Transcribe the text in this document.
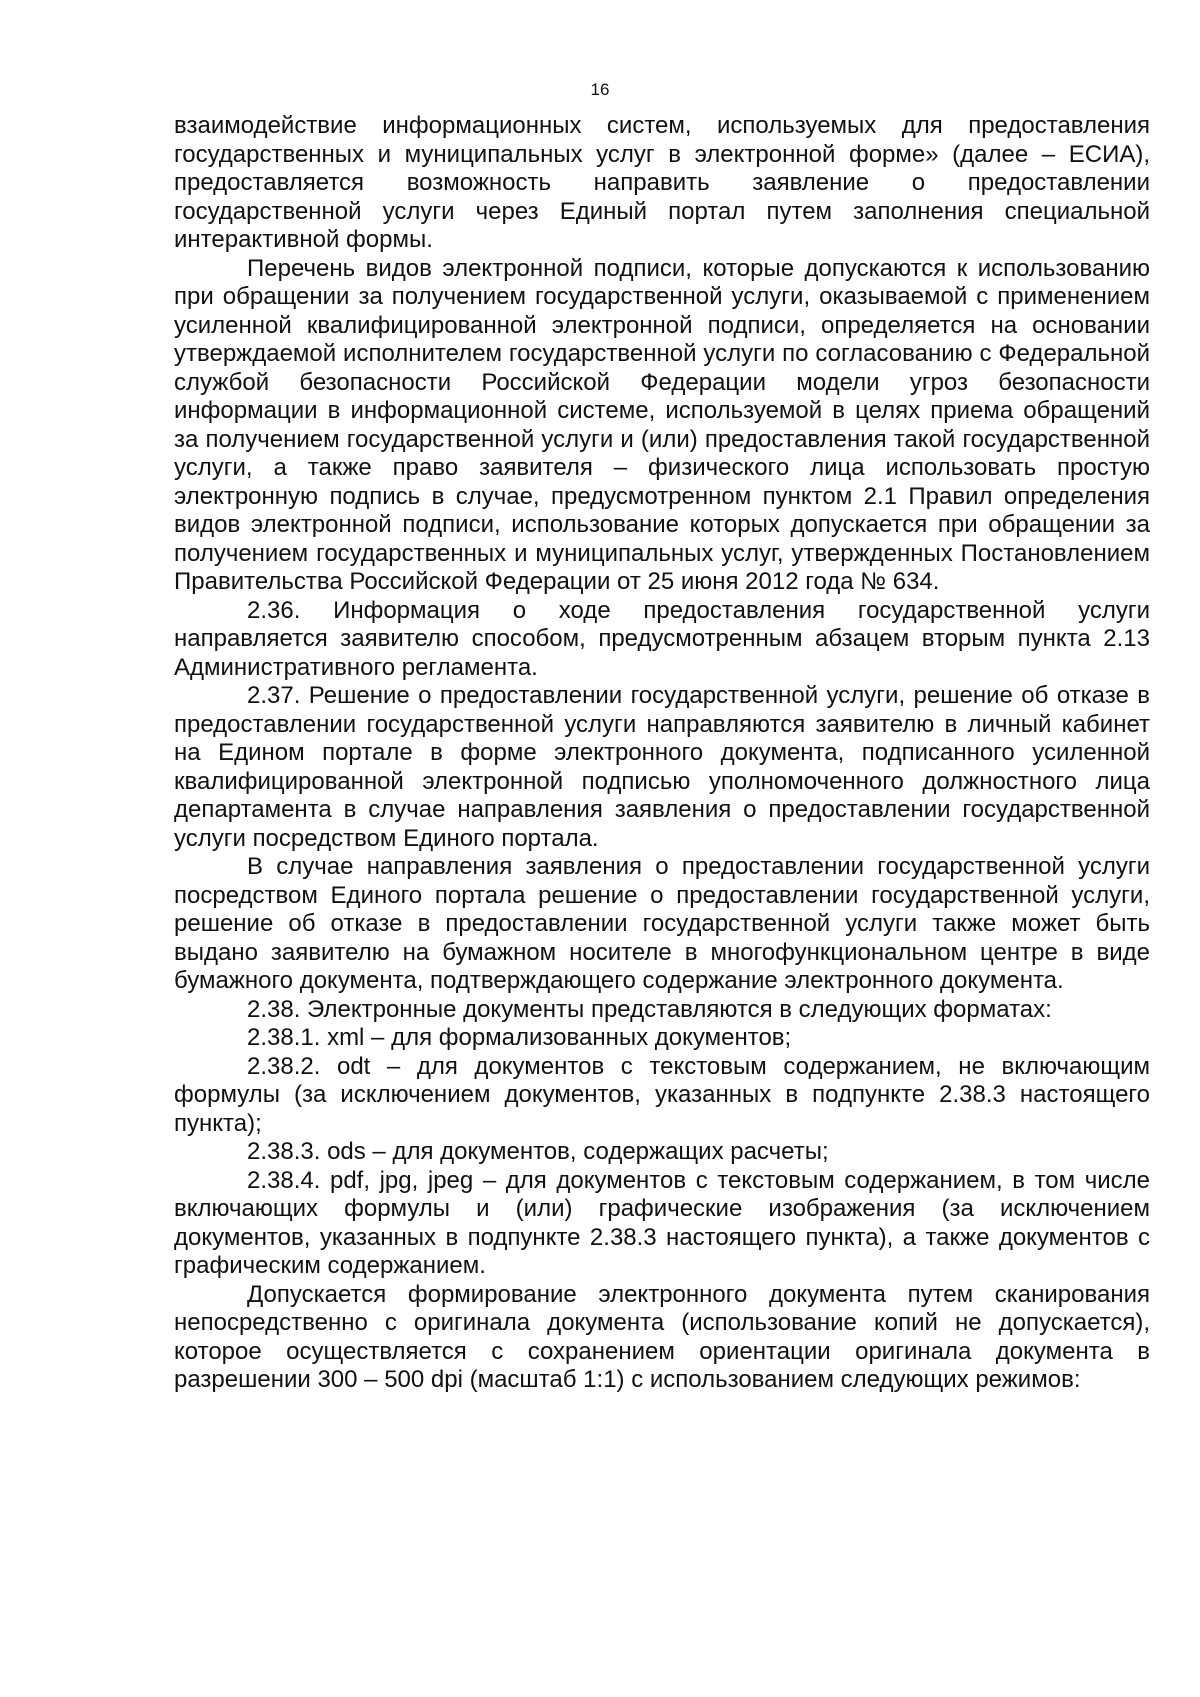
16

взаимодействие информационных систем, используемых для предоставления государственных и муниципальных услуг в электронной форме» (далее – ЕСИА), предоставляется возможность направить заявление о предоставлении государственной услуги через Единый портал путем заполнения специальной интерактивной формы.

Перечень видов электронной подписи, которые допускаются к использованию при обращении за получением государственной услуги, оказываемой с применением усиленной квалифицированной электронной подписи, определяется на основании утверждаемой исполнителем государственной услуги по согласованию с Федеральной службой безопасности Российской Федерации модели угроз безопасности информации в информационной системе, используемой в целях приема обращений за получением государственной услуги и (или) предоставления такой государственной услуги, а также право заявителя – физического лица использовать простую электронную подпись в случае, предусмотренном пунктом 2.1 Правил определения видов электронной подписи, использование которых допускается при обращении за получением государственных и муниципальных услуг, утвержденных Постановлением Правительства Российской Федерации от 25 июня 2012 года № 634.

2.36. Информация о ходе предоставления государственной услуги направляется заявителю способом, предусмотренным абзацем вторым пункта 2.13 Административного регламента.

2.37. Решение о предоставлении государственной услуги, решение об отказе в предоставлении государственной услуги направляются заявителю в личный кабинет на Едином портале в форме электронного документа, подписанного усиленной квалифицированной электронной подписью уполномоченного должностного лица департамента в случае направления заявления о предоставлении государственной услуги посредством Единого портала.

В случае направления заявления о предоставлении государственной услуги посредством Единого портала решение о предоставлении государственной услуги, решение об отказе в предоставлении государственной услуги также может быть выдано заявителю на бумажном носителе в многофункциональном центре в виде бумажного документа, подтверждающего содержание электронного документа.

2.38. Электронные документы представляются в следующих форматах:

2.38.1. xml – для формализованных документов;

2.38.2. odt – для документов с текстовым содержанием, не включающим формулы (за исключением документов, указанных в подпункте 2.38.3 настоящего пункта);

2.38.3. ods – для документов, содержащих расчеты;

2.38.4. pdf, jpg, jpeg – для документов с текстовым содержанием, в том числе включающих формулы и (или) графические изображения (за исключением документов, указанных в подпункте 2.38.3 настоящего пункта), а также документов с графическим содержанием.

Допускается формирование электронного документа путем сканирования непосредственно с оригинала документа (использование копий не допускается), которое осуществляется с сохранением ориентации оригинала документа в разрешении 300 – 500 dpi (масштаб 1:1) с использованием следующих режимов:
